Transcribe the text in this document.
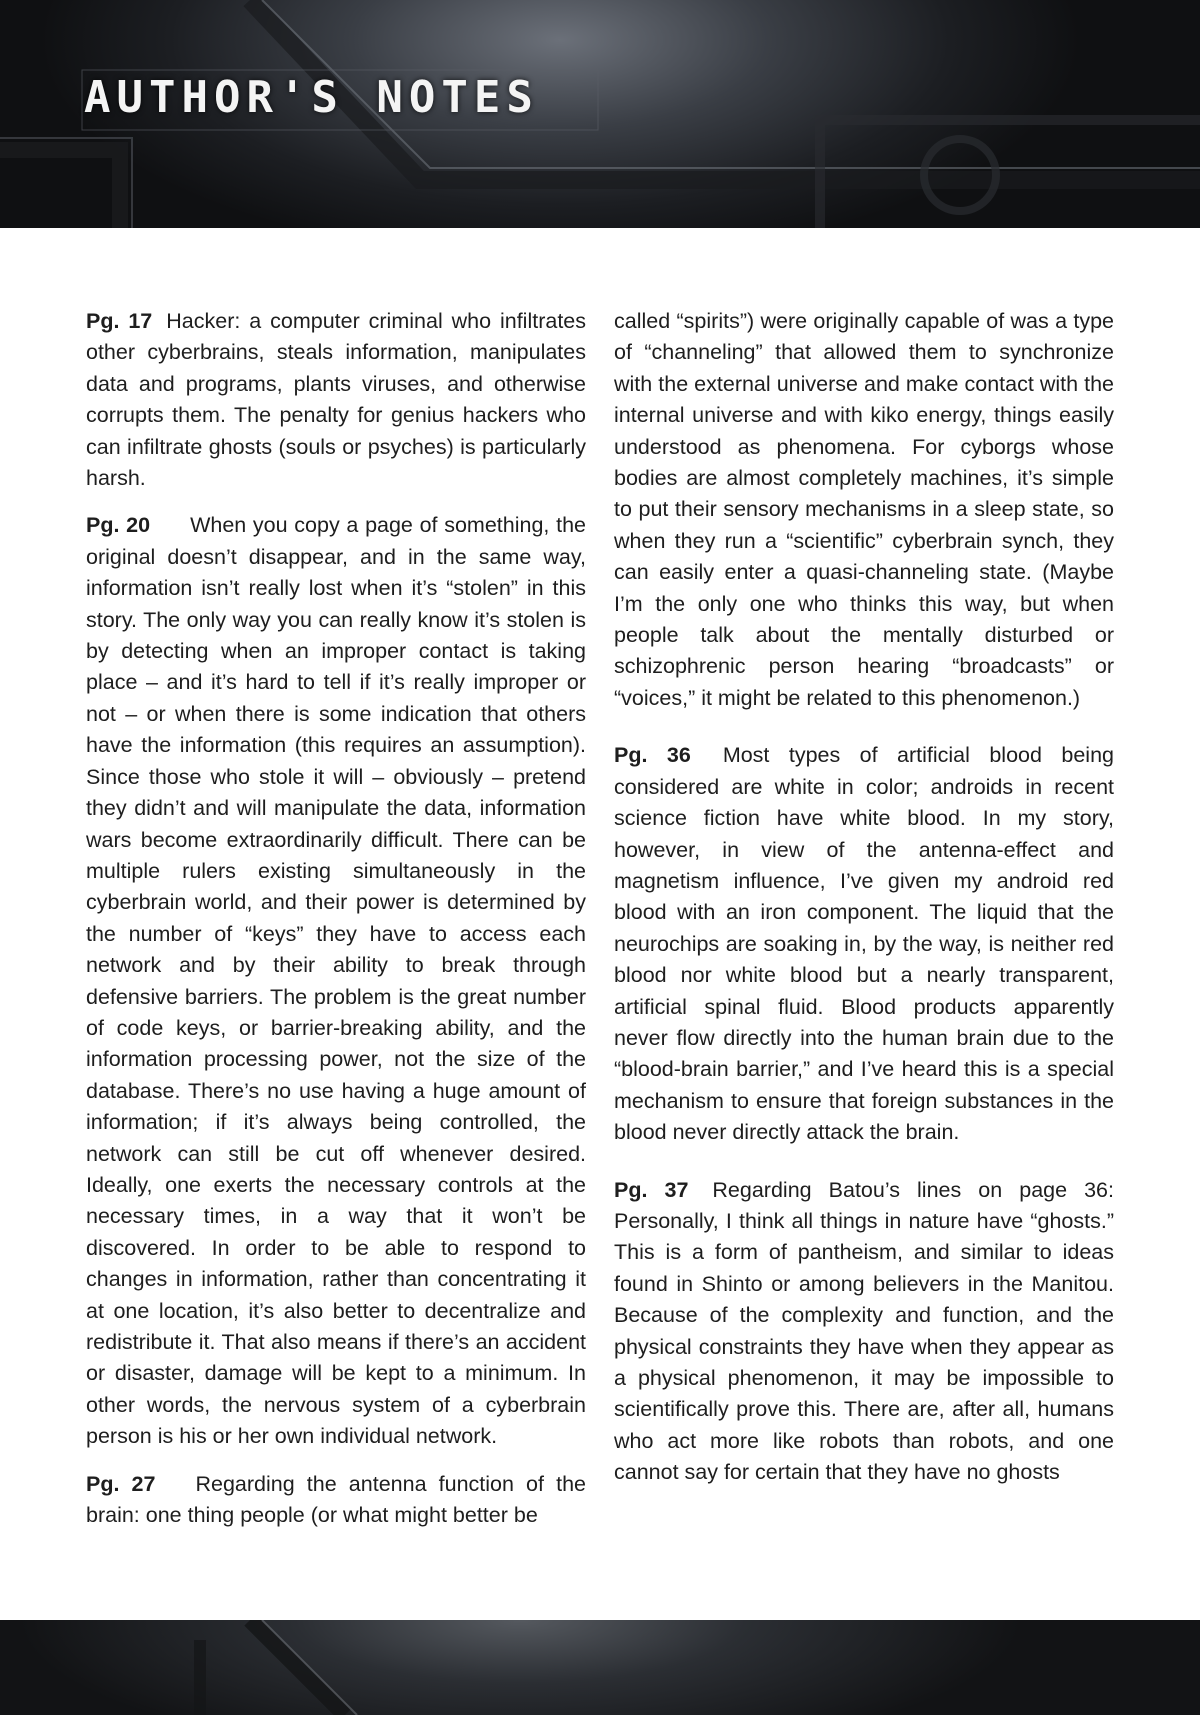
AUTHOR'S NOTES

Pg. 17 Hacker: a computer criminal who infiltrates other cyberbrains, steals information, manipulates data and programs, plants viruses, and otherwise corrupts them. The penalty for genius hackers who can infiltrate ghosts (souls or psyches) is particularly harsh.

Pg. 20 When you copy a page of something, the original doesn’t disappear, and in the same way, information isn’t really lost when it’s “stolen” in this story. The only way you can really know it’s stolen is by detecting when an improper contact is taking place – and it’s hard to tell if it’s really improper or not – or when there is some indication that others have the information (this requires an assumption). Since those who stole it will – obviously – pretend they didn’t and will manipulate the data, information wars become extraordinarily difficult. There can be multiple rulers existing simultaneously in the cyberbrain world, and their power is determined by the number of “keys” they have to access each network and by their ability to break through defensive barriers. The problem is the great number of code keys, or barrier-breaking ability, and the information processing power, not the size of the database. There’s no use having a huge amount of information; if it’s always being controlled, the network can still be cut off whenever desired. Ideally, one exerts the necessary controls at the necessary times, in a way that it won’t be discovered. In order to be able to respond to changes in information, rather than concentrating it at one location, it’s also better to decentralize and redistribute it. That also means if there’s an accident or disaster, damage will be kept to a minimum. In other words, the nervous system of a cyberbrain person is his or her own individual network.

Pg. 27 Regarding the antenna function of the brain: one thing people (or what might better be

called “spirits”) were originally capable of was a type of “channeling” that allowed them to synchronize with the external universe and make contact with the internal universe and with kiko energy, things easily understood as phenomena. For cyborgs whose bodies are almost completely machines, it’s simple to put their sensory mechanisms in a sleep state, so when they run a “scientific” cyberbrain synch, they can easily enter a quasi-channeling state. (Maybe I’m the only one who thinks this way, but when people talk about the mentally disturbed or schizophrenic person hearing “broadcasts” or “voices,” it might be related to this phenomenon.)

Pg. 36 Most types of artificial blood being considered are white in color; androids in recent science fiction have white blood. In my story, however, in view of the antenna-effect and magnetism influence, I’ve given my android red blood with an iron component. The liquid that the neurochips are soaking in, by the way, is neither red blood nor white blood but a nearly transparent, artificial spinal fluid. Blood products apparently never flow directly into the human brain due to the “blood-brain barrier,” and I’ve heard this is a special mechanism to ensure that foreign substances in the blood never directly attack the brain.

Pg. 37 Regarding Batou’s lines on page 36: Personally, I think all things in nature have “ghosts.” This is a form of pantheism, and similar to ideas found in Shinto or among believers in the Manitou. Because of the complexity and function, and the physical constraints they have when they appear as a physical phenomenon, it may be impossible to scientifically prove this. There are, after all, humans who act more like robots than robots, and one cannot say for certain that they have no ghosts
